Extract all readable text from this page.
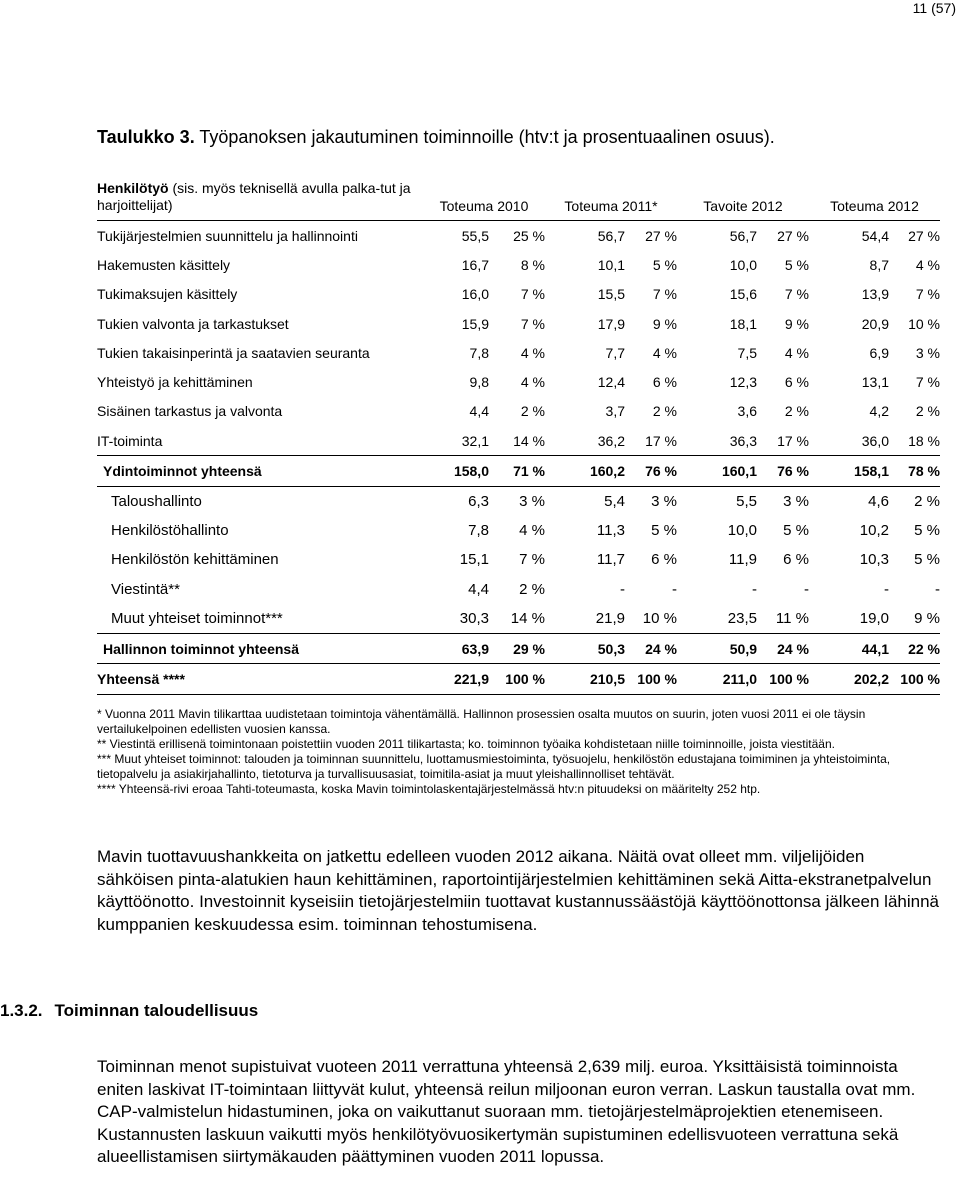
11 (57)
Taulukko 3. Työpanoksen jakautuminen toiminnoille (htv:t ja prosentuaalinen osuus).
Henkilötyö (sis. myös teknisellä avulla palka-tut ja harjoittelijat)	Toteuma 2010		Toteuma 2011*		Tavoite 2012		Toteuma 2012	
Tukijärjestelmien suunnittelu ja hallinnointi	55,5	25 %	56,7	27 %	56,7	27 %	54,4	27 %
Hakemusten käsittely	16,7	8 %	10,1	5 %	10,0	5 %	8,7	4 %
Tukimaksujen käsittely	16,0	7 %	15,5	7 %	15,6	7 %	13,9	7 %
Tukien valvonta ja tarkastukset	15,9	7 %	17,9	9 %	18,1	9 %	20,9	10 %
Tukien takaisinperintä ja saatavien seuranta	7,8	4 %	7,7	4 %	7,5	4 %	6,9	3 %
Yhteistyö ja kehittäminen	9,8	4 %	12,4	6 %	12,3	6 %	13,1	7 %
Sisäinen tarkastus ja valvonta	4,4	2 %	3,7	2 %	3,6	2 %	4,2	2 %
IT-toiminta	32,1	14 %	36,2	17 %	36,3	17 %	36,0	18 %
Ydintoiminnot yhteensä	158,0	71 %	160,2	76 %	160,1	76 %	158,1	78 %
Taloushallinto	6,3	3 %	5,4	3 %	5,5	3 %	4,6	2 %
Henkilöstöhallinto	7,8	4 %	11,3	5 %	10,0	5 %	10,2	5 %
Henkilöstön kehittäminen	15,1	7 %	11,7	6 %	11,9	6 %	10,3	5 %
Viestintä**	4,4	2 %	-	-	-	-	-	-
Muut yhteiset toiminnot***	30,3	14 %	21,9	10 %	23,5	11 %	19,0	9 %
Hallinnon toiminnot yhteensä	63,9	29 %	50,3	24 %	50,9	24 %	44,1	22 %
Yhteensä ****	221,9	100 %	210,5	100 %	211,0	100 %	202,2	100 %

* Vuonna 2011 Mavin tilikarttaa uudistetaan toimintoja vähentämällä. Hallinnon prosessien osalta muutos on suurin, joten vuosi 2011 ei ole täysin vertailukelpoinen edellisten vuosien kanssa.

** Viestintä erillisenä toimintonaan poistettiin vuoden 2011 tilikartasta; ko. toiminnon työaika kohdistetaan niille toiminnoille, joista viestitään.

*** Muut yhteiset toiminnot: talouden ja toiminnan suunnittelu, luottamusmiestoiminta, työsuojelu, henkilöstön edustajana toimiminen ja yhteistoiminta, tietopalvelu ja asiakirjahallinto, tietoturva ja turvallisuusasiat, toimitila-asiat ja muut yleishallinnolliset tehtävät.

**** Yhteensä-rivi eroaa Tahti-toteumasta, koska Mavin toimintolaskentajärjestelmässä htv:n pituudeksi on määritelty 252 htp.

Mavin tuottavuushankkeita on jatkettu edelleen vuoden 2012 aikana. Näitä ovat olleet mm. viljelijöiden sähköisen pinta-alatukien haun kehittäminen, raportointijärjestelmien kehittäminen sekä Aitta-ekstranetpalvelun käyttöönotto. Investoinnit kyseisiin tietojärjestelmiin tuottavat kustannussäästöjä käyttöönottonsa jälkeen lähinnä kumppanien keskuudessa esim. toiminnan tehostumisena.

1.3.2. Toiminnan taloudellisuus

Toiminnan menot supistuivat vuoteen 2011 verrattuna yhteensä 2,639 milj. euroa. Yksittäisistä toiminnoista eniten laskivat IT-toimintaan liittyvät kulut, yhteensä reilun miljoonan euron verran. Laskun taustalla ovat mm. CAP-valmistelun hidastuminen, joka on vaikuttanut suoraan mm. tietojärjestelmäprojektien etenemiseen. Kustannusten laskuun vaikutti myös henkilötyövuosikertymän supistuminen edellisvuoteen verrattuna sekä alueellistamisen siirtymäkauden päättyminen vuoden 2011 lopussa.
